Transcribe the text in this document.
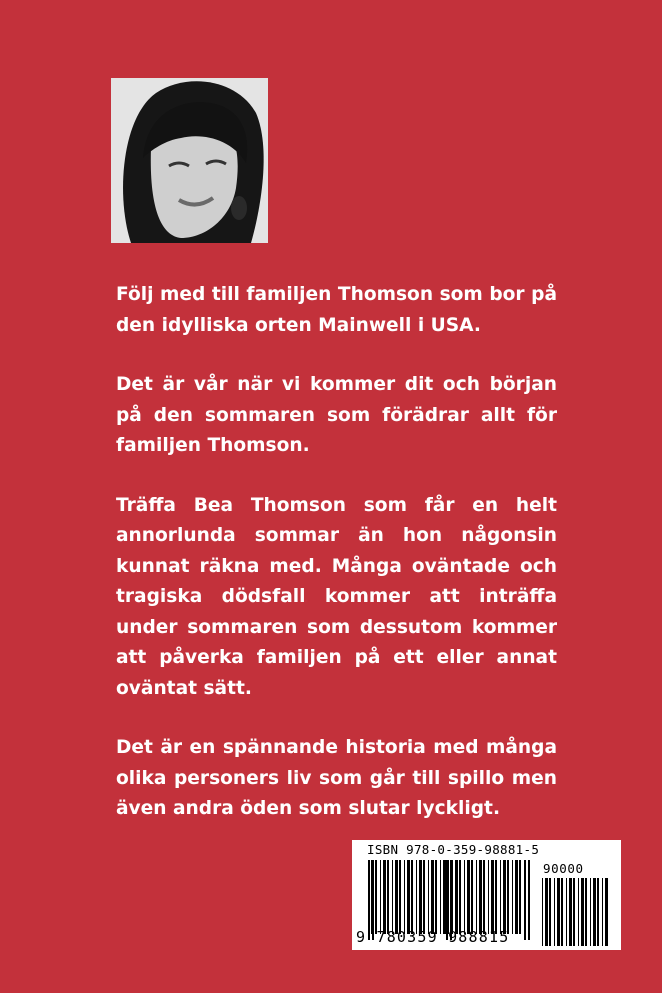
Följ med till familjen Thomson som bor på den idylliska orten Mainwell i USA.

Det är vår när vi kommer dit och början på den sommaren som förädrar allt för familjen Thomson.

Träffa Bea Thomson som får en helt annorlunda sommar än hon någonsin kunnat räkna med. Många oväntade och tragiska dödsfall kommer att inträffa under sommaren som dessutom kommer att påverka familjen på ett eller annat oväntat sätt.

Det är en spännande historia med många olika personers liv som går till spillo men även andra öden som slutar lyckligt.

ISBN 978-0-359-98881-5
90000
9 780359 988815
